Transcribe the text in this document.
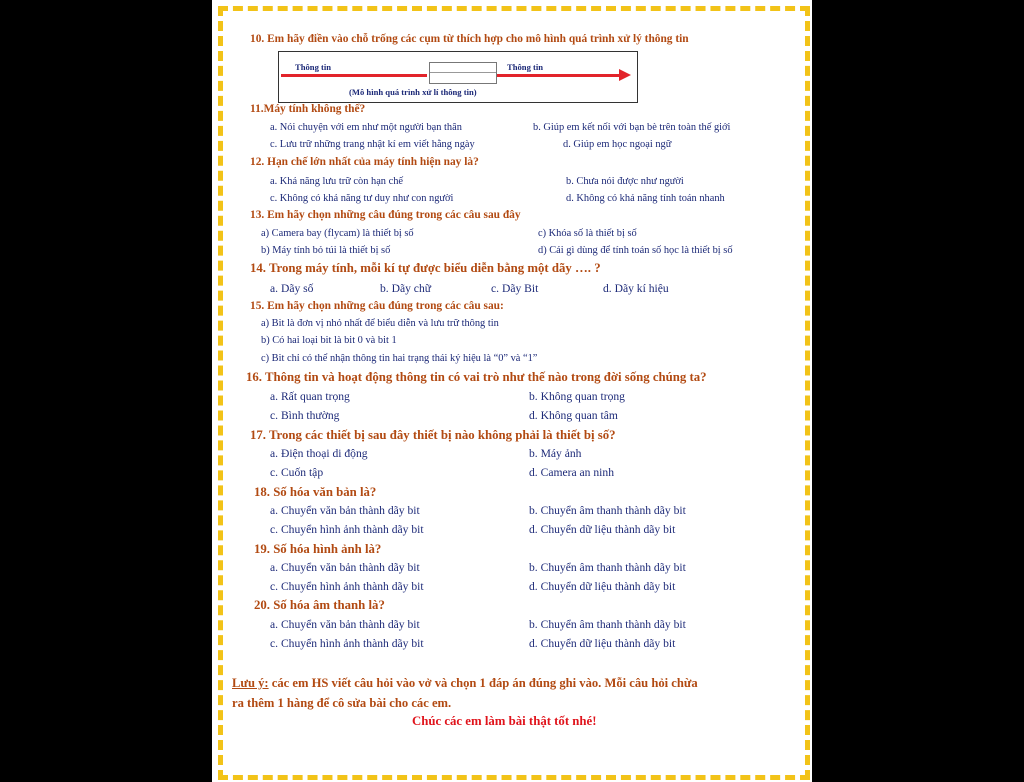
10. Em hãy điền vào chỗ trống các cụm từ thích hợp cho mô hình quá trình xử lý thông tin
Thông tin	Thông tin
(Mô hình quá trình xử lí thông tin)
11.Máy tính không thể?
a. Nói chuyện với em như một người bạn thân	b. Giúp em kết nối với bạn bè trên toàn thế giới
c. Lưu trữ những trang nhật kí em viết hằng ngày	d. Giúp em học ngoại ngữ
12. Hạn chế lớn nhất của máy tính hiện nay là?
a. Khả năng lưu trữ còn hạn chế	b. Chưa nói được như người
c. Không có khả năng tư duy như con người	d. Không có khả năng tính toán nhanh
13. Em hãy chọn những câu đúng trong các câu sau đây
a) Camera bay (flycam) là thiết bị số	c) Khóa số là thiết bị số
b) Máy tính bỏ túi là thiết bị số	d) Cái gì dùng để tính toán số học là thiết bị số
14. Trong máy tính, mỗi kí tự được biểu diễn bằng một dãy …. ?
a. Dãy số	b. Dãy chữ	c. Dãy Bit	d. Dãy kí hiệu
15. Em hãy chọn những câu đúng trong các câu sau:
a) Bit là đơn vị nhỏ nhất để biểu diễn và lưu trữ thông tin
b) Có hai loại bit là bit 0 và bit 1
c) Bit chỉ có thể nhận thông tin hai trạng thái ký hiệu là “0” và “1”
16. Thông tin và hoạt động thông tin có vai trò như thế nào trong đời sống chúng ta?
a. Rất quan trọng	b. Không quan trọng
c. Bình thường	d. Không quan tâm
17. Trong các thiết bị sau đây thiết bị nào không phải là thiết bị số?
a. Điện thoại di động	b. Máy ảnh
c. Cuốn tập	d. Camera an ninh
18. Số hóa văn bản là?
a. Chuyển văn bản thành dãy bit	b. Chuyển âm thanh thành dãy bit
c. Chuyển hình ảnh thành dãy bit	d. Chuyển dữ liệu thành dãy bit
19. Số hóa hình ảnh là?
a. Chuyển văn bản thành dãy bit	b. Chuyển âm thanh thành dãy bit
c. Chuyển hình ảnh thành dãy bit	d. Chuyển dữ liệu thành dãy bit
20. Số hóa âm thanh là?
a. Chuyển văn bản thành dãy bit	b. Chuyển âm thanh thành dãy bit
c. Chuyển hình ảnh thành dãy bit	d. Chuyển dữ liệu thành dãy bit
Lưu ý: các em HS viết câu hỏi vào vở và chọn 1 đáp án đúng ghi vào. Mỗi câu hỏi chừa
ra thêm 1 hàng để cô sửa bài cho các em.
Chúc các em làm bài thật tốt nhé!
